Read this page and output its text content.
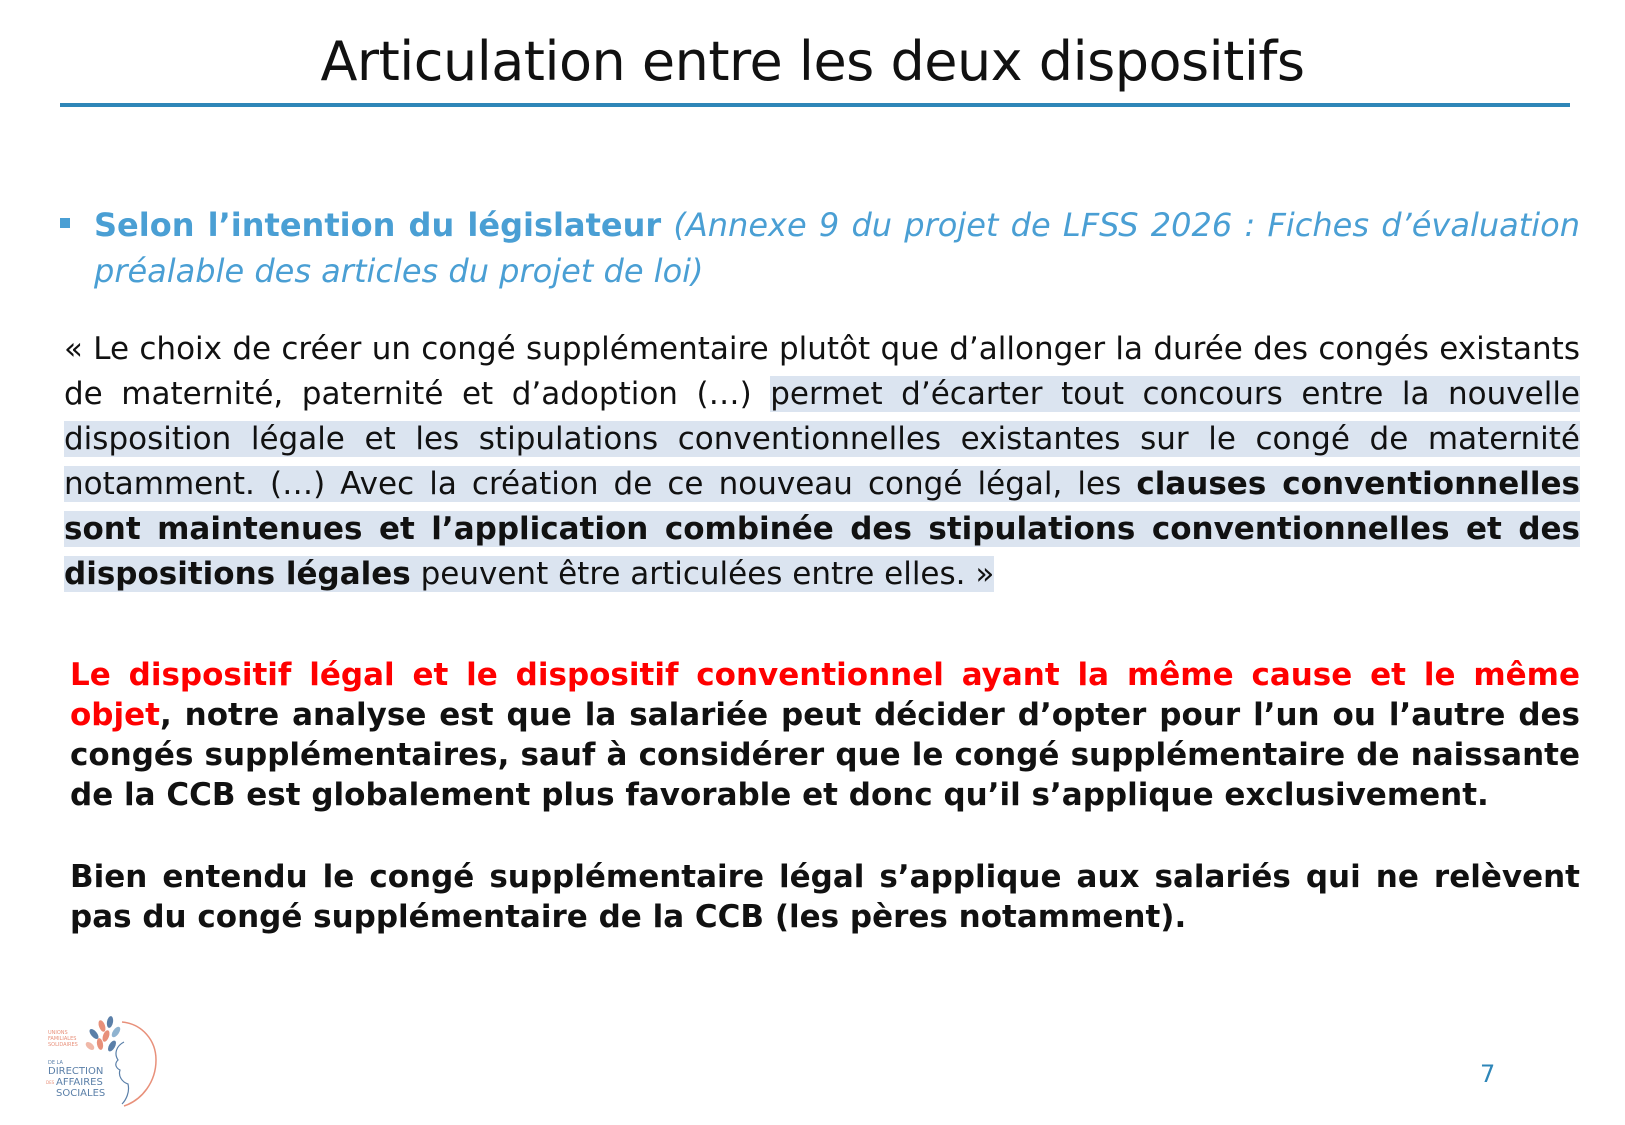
Articulation entre les deux dispositifs
Selon l’intention du législateur (Annexe 9 du projet de LFSS 2026 : Fiches d’évaluation préalable des articles du projet de loi)
« Le choix de créer un congé supplémentaire plutôt que d’allonger la durée des congés existants de maternité, paternité et d’adoption (…) permet d’écarter tout concours entre la nouvelle disposition légale et les stipulations conventionnelles existantes sur le congé de maternité notamment. (…) Avec la création de ce nouveau congé légal, les clauses conventionnelles sont maintenues et l’application combinée des stipulations conventionnelles et des dispositions légales peuvent être articulées entre elles. »
Le dispositif légal et le dispositif conventionnel ayant la même cause et le même objet, notre analyse est que la salariée peut décider d’opter pour l’un ou l’autre des congés supplémentaires, sauf à considérer que le congé supplémentaire de naissante de la CCB est globalement plus favorable et donc qu’il s’applique exclusivement.
Bien entendu le congé supplémentaire légal s’applique aux salariés qui ne relèvent pas du congé supplémentaire de la CCB (les pères notamment).
UNIONS
FAMILIALES
SOLIDAIRES
DE LA
DIRECTION
DES AFFAIRES
SOCIALES
7
